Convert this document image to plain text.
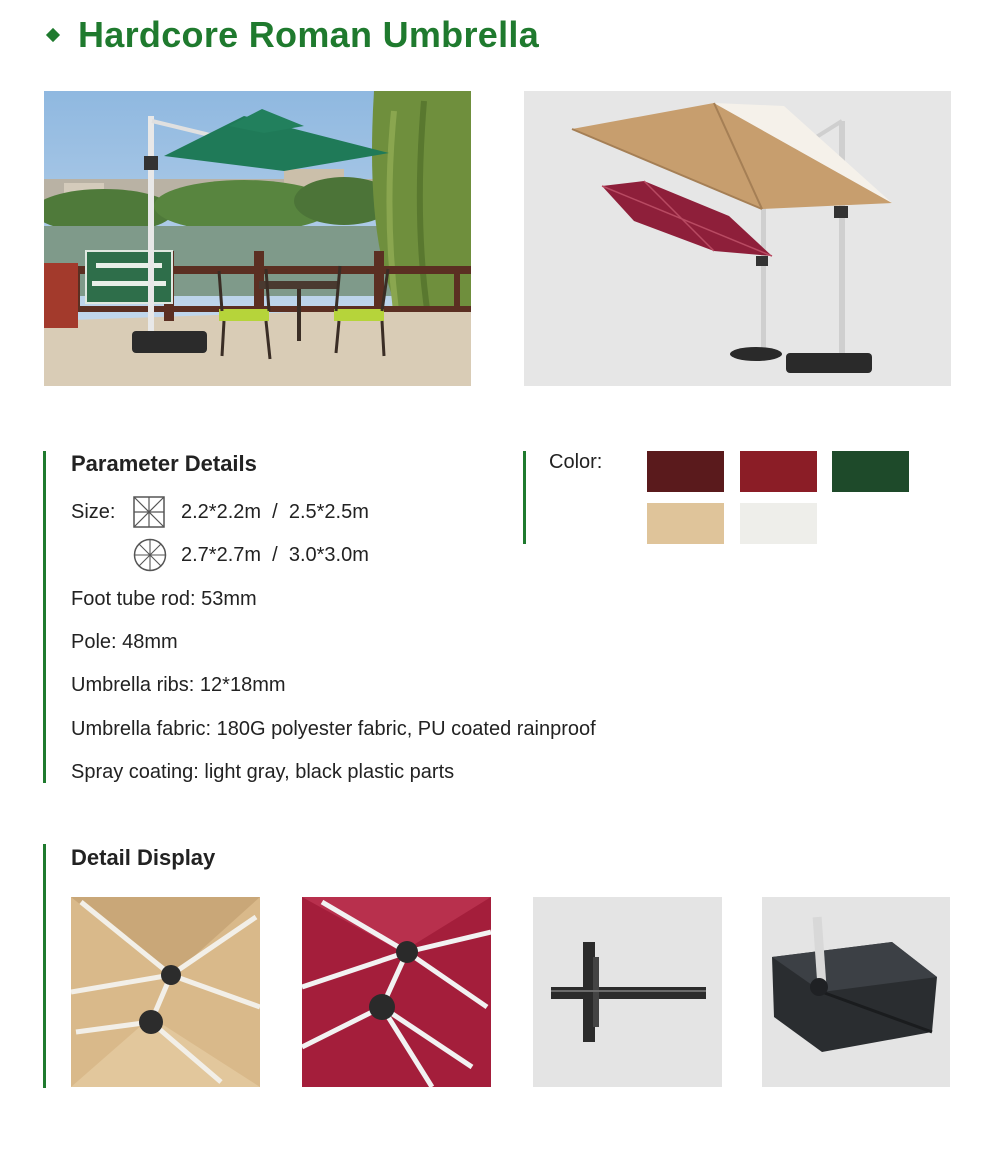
Hardcore Roman Umbrella
Parameter Details
Size:	2.2*2.2m  /  2.5*2.5m
2.7*2.7m  /  3.0*3.0m
Foot tube rod: 53mm
Pole: 48mm
Umbrella ribs: 12*18mm
Umbrella fabric: 180G polyester fabric, PU coated rainproof
Spray coating: light gray, black plastic parts
Color:
Detail Display
